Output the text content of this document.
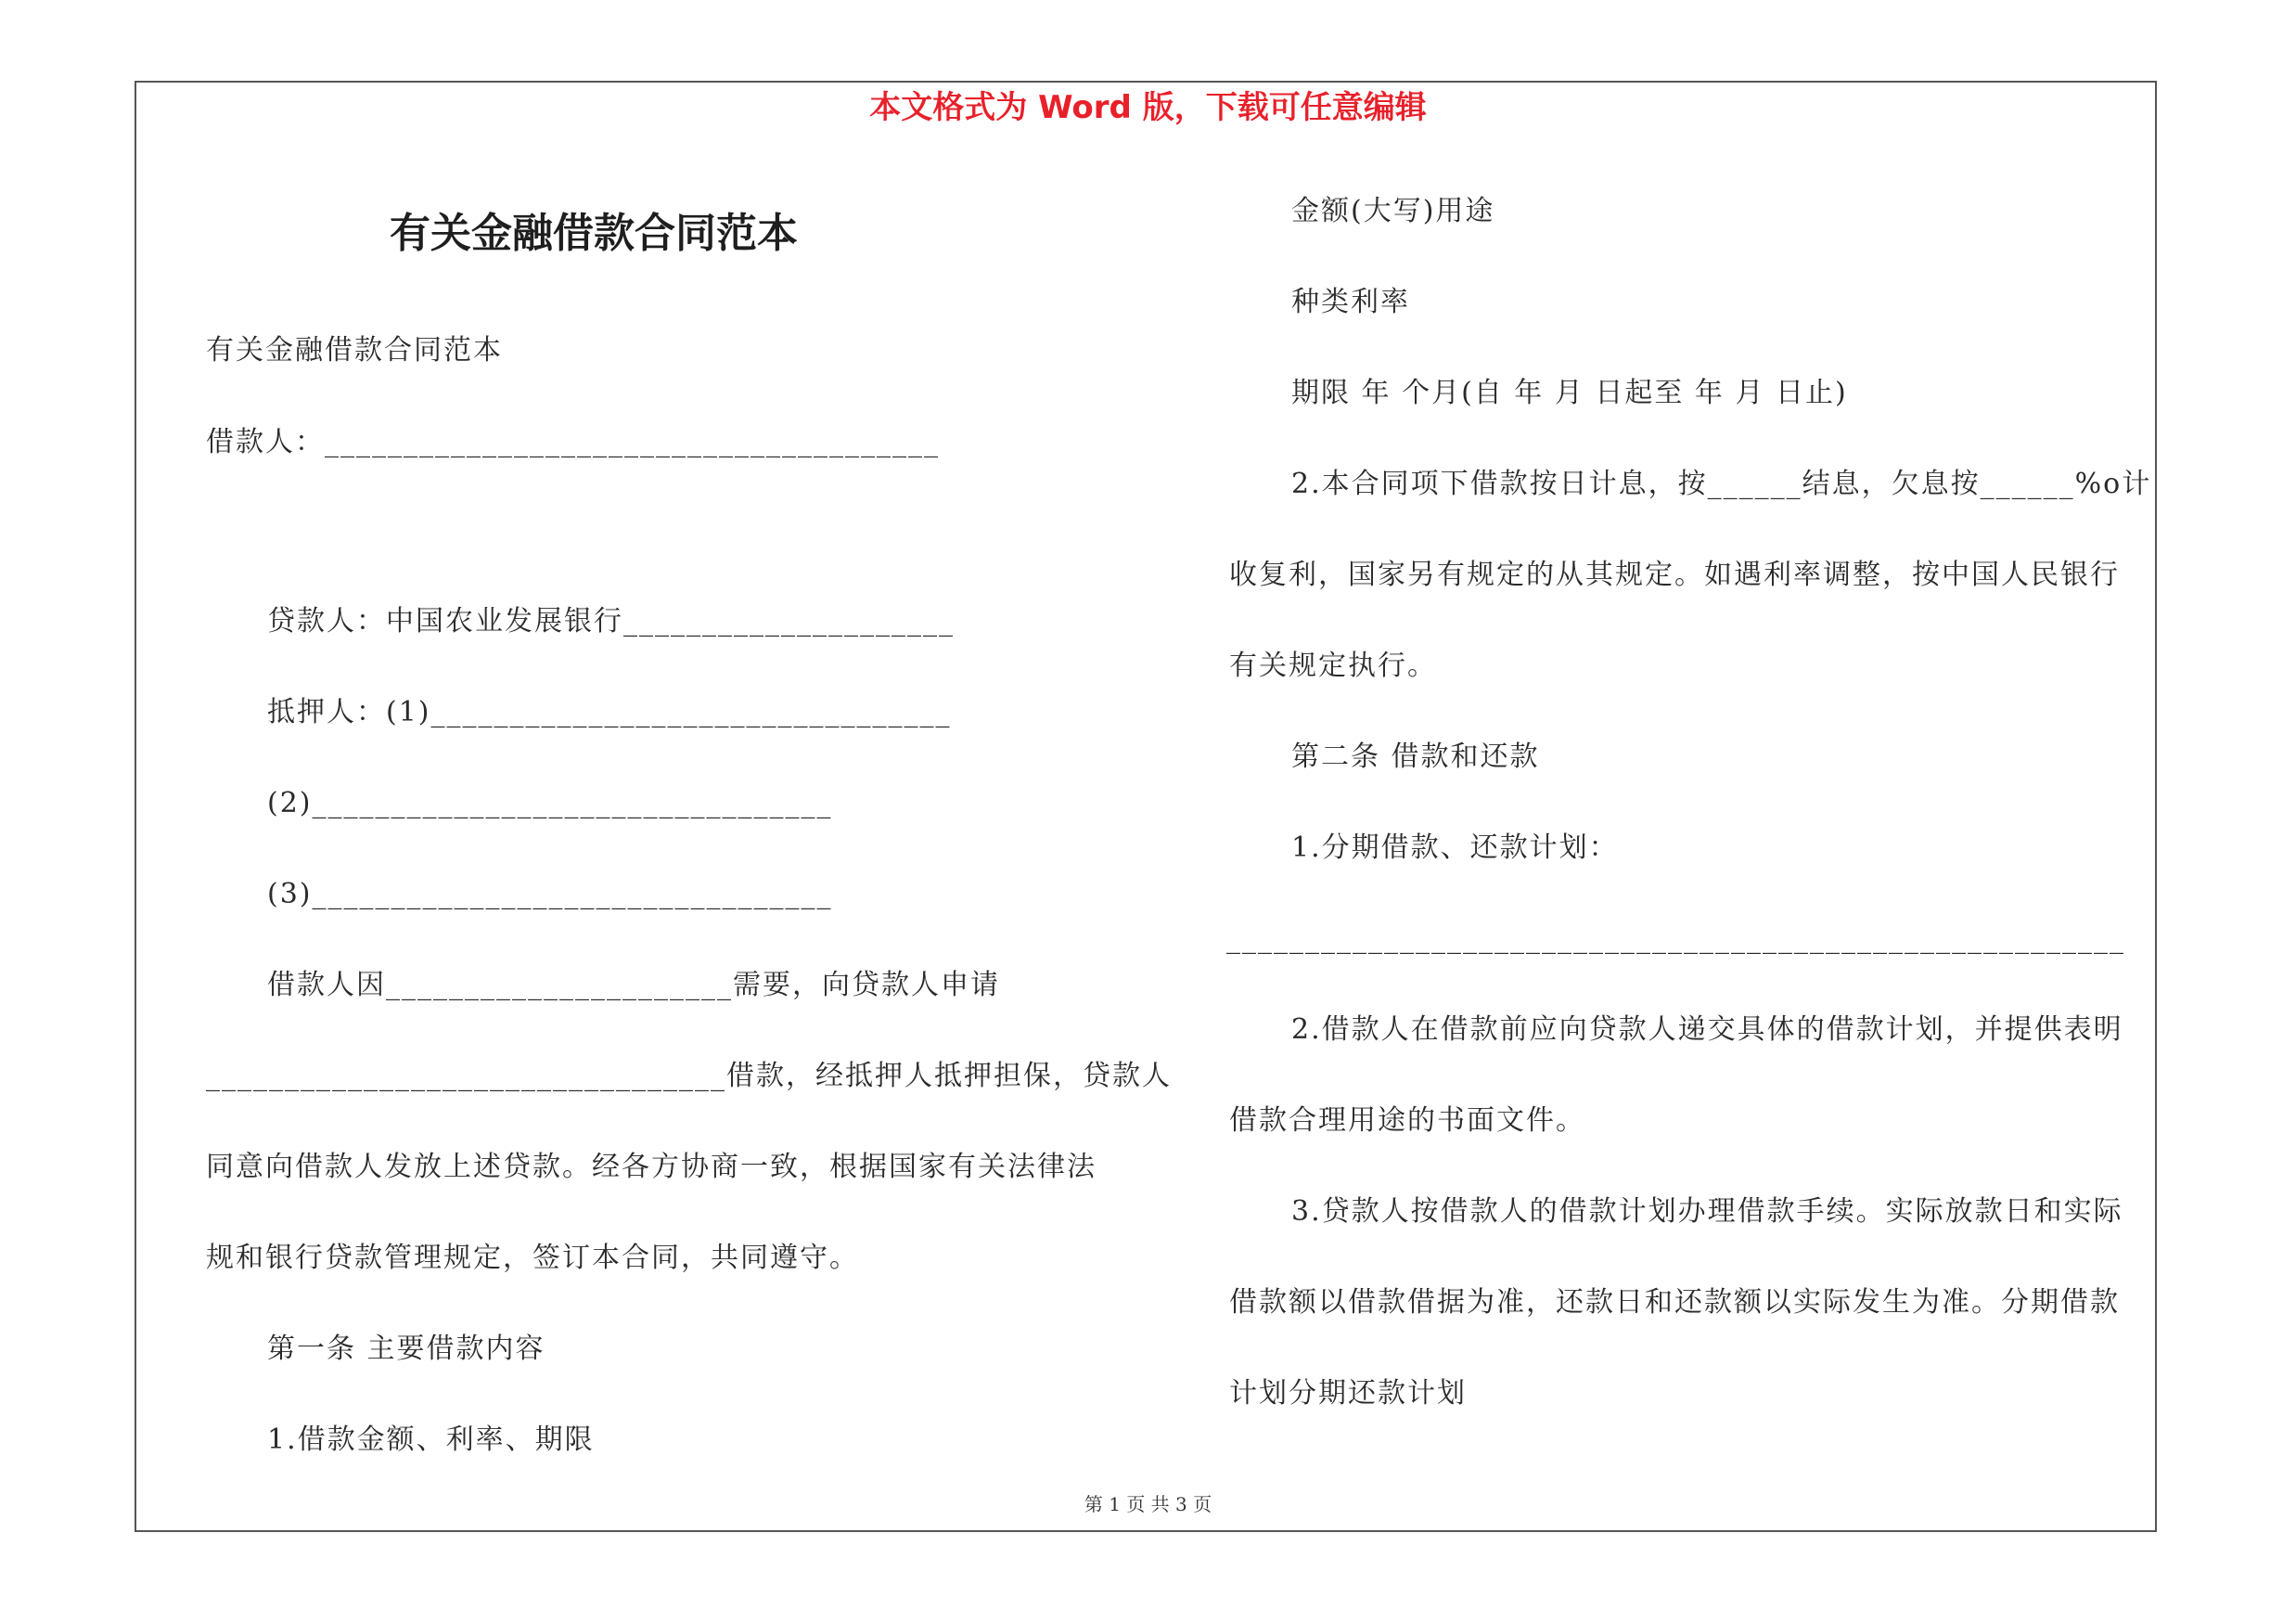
本文格式为 Word 版，下载可任意编辑
有关金融借款合同范本
有关金融借款合同范本
借款人：_______________________________________
贷款人：中国农业发展银行_____________________
抵押人：(1)_________________________________
(2)_________________________________
(3)_________________________________
借款人因______________________需要，向贷款人申请
_________________________________借款，经抵押人抵押担保，贷款人
同意向借款人发放上述贷款。经各方协商一致，根据国家有关法律法
规和银行贷款管理规定，签订本合同，共同遵守。
第一条 主要借款内容
1.借款金额、利率、期限
金额(大写)用途
种类利率
期限 年 个月(自 年 月 日起至 年 月 日止)
2.本合同项下借款按日计息，按______结息，欠息按______%o计
收复利，国家另有规定的从其规定。如遇利率调整，按中国人民银行
有关规定执行。
第二条 借款和还款
1.分期借款、还款计划：
_________________________________________________________
2.借款人在借款前应向贷款人递交具体的借款计划，并提供表明
借款合理用途的书面文件。
3.贷款人按借款人的借款计划办理借款手续。实际放款日和实际
借款额以借款借据为准，还款日和还款额以实际发生为准。分期借款
计划分期还款计划
第 1 页 共 3 页
